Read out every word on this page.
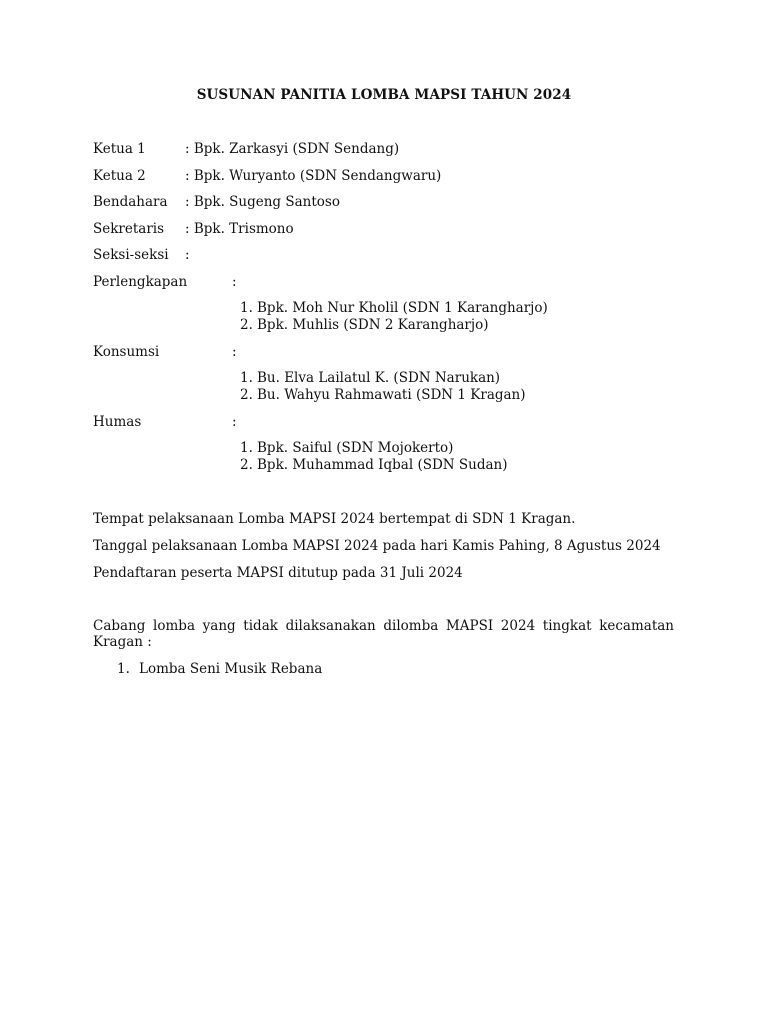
SUSUNAN PANITIA LOMBA MAPSI TAHUN 2024
Ketua 1	: Bpk. Zarkasyi (SDN Sendang)
Ketua 2	: Bpk. Wuryanto (SDN Sendangwaru)
Bendahara : Bpk. Sugeng Santoso
Sekretaris : Bpk. Trismono
Seksi-seksi :
Perlengkapan	:
1. Bpk. Moh Nur Kholil (SDN 1 Karangharjo)
2. Bpk. Muhlis (SDN 2 Karangharjo)
Konsumsi	:
1. Bu. Elva Lailatul K. (SDN Narukan)
2. Bu. Wahyu Rahmawati (SDN 1 Kragan)
Humas	:
1. Bpk. Saiful (SDN Mojokerto)
2. Bpk. Muhammad Iqbal (SDN Sudan)
Tempat pelaksanaan Lomba MAPSI 2024 bertempat di SDN 1 Kragan.
Tanggal pelaksanaan Lomba MAPSI 2024 pada hari Kamis Pahing, 8 Agustus 2024
Pendaftaran peserta MAPSI ditutup pada 31 Juli 2024
Cabang lomba yang tidak dilaksanakan dilomba MAPSI 2024 tingkat kecamatan Kragan :
1. Lomba Seni Musik Rebana
